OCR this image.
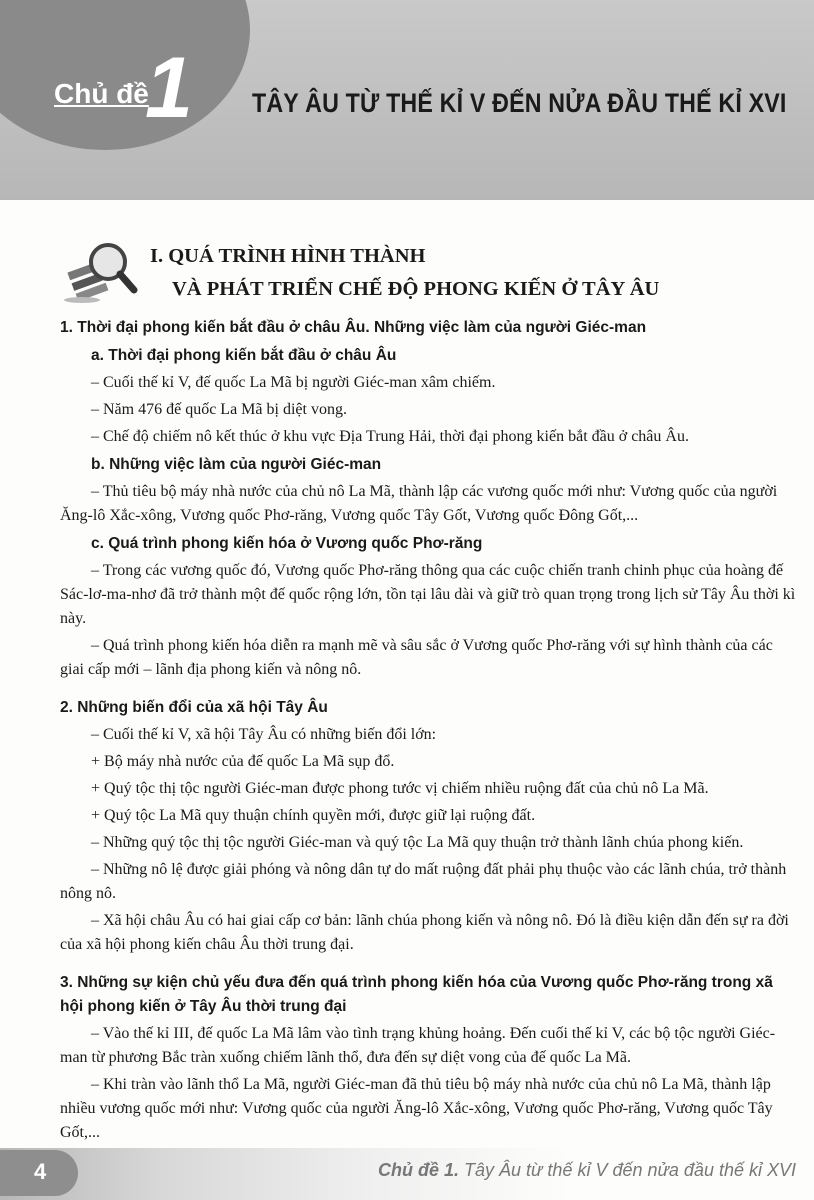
Chủ đề
1 TÂY ÂU TỪ THẾ KỈ V ĐẾN NỬA ĐẦU THẾ KỈ XVI
I. QUÁ TRÌNH HÌNH THÀNH
VÀ PHÁT TRIỂN CHẾ ĐỘ PHONG KIẾN Ở TÂY ÂU
1. Thời đại phong kiến bắt đầu ở châu Âu. Những việc làm của người Giéc-man
a. Thời đại phong kiến bắt đầu ở châu Âu
– Cuối thế kỉ V, đế quốc La Mã bị người Giéc-man xâm chiếm.
– Năm 476 đế quốc La Mã bị diệt vong.
– Chế độ chiếm nô kết thúc ở khu vực Địa Trung Hải, thời đại phong kiến bắt đầu ở châu Âu.
b. Những việc làm của người Giéc-man
– Thủ tiêu bộ máy nhà nước của chủ nô La Mã, thành lập các vương quốc mới như: Vương quốc của người Ăng-lô Xắc-xông, Vương quốc Phơ-răng, Vương quốc Tây Gốt, Vương quốc Đông Gốt,...
c. Quá trình phong kiến hóa ở Vương quốc Phơ-răng
– Trong các vương quốc đó, Vương quốc Phơ-răng thông qua các cuộc chiến tranh chinh phục của hoàng đế Sác-lơ-ma-nhơ đã trở thành một đế quốc rộng lớn, tồn tại lâu dài và giữ trò quan trọng trong lịch sử Tây Âu thời kì này.
– Quá trình phong kiến hóa diễn ra mạnh mẽ và sâu sắc ở Vương quốc Phơ-răng với sự hình thành của các giai cấp mới – lãnh địa phong kiến và nông nô.
2. Những biến đổi của xã hội Tây Âu
– Cuối thế kỉ V, xã hội Tây Âu có những biến đổi lớn:
+ Bộ máy nhà nước của đế quốc La Mã sụp đổ.
+ Quý tộc thị tộc người Giéc-man được phong tước vị chiếm nhiều ruộng đất của chủ nô La Mã.
+ Quý tộc La Mã quy thuận chính quyền mới, được giữ lại ruộng đất.
– Những quý tộc thị tộc người Giéc-man và quý tộc La Mã quy thuận trở thành lãnh chúa phong kiến.
– Những nô lệ được giải phóng và nông dân tự do mất ruộng đất phải phụ thuộc vào các lãnh chúa, trở thành nông nô.
– Xã hội châu Âu có hai giai cấp cơ bản: lãnh chúa phong kiến và nông nô. Đó là điều kiện dẫn đến sự ra đời của xã hội phong kiến châu Âu thời trung đại.
3. Những sự kiện chủ yếu đưa đến quá trình phong kiến hóa của Vương quốc Phơ-răng trong xã hội phong kiến ở Tây Âu thời trung đại
– Vào thế kỉ III, đế quốc La Mã lâm vào tình trạng khủng hoảng. Đến cuối thế kỉ V, các bộ tộc người Giéc-man từ phương Bắc tràn xuống chiếm lãnh thổ, đưa đến sự diệt vong của đế quốc La Mã.
– Khi tràn vào lãnh thổ La Mã, người Giéc-man đã thủ tiêu bộ máy nhà nước của chủ nô La Mã, thành lập nhiều vương quốc mới như: Vương quốc của người Ăng-lô Xắc-xông, Vương quốc Phơ-răng, Vương quốc Tây Gốt,...
4	Chủ đề 1. Tây Âu từ thế kỉ V đến nửa đầu thế kỉ XVI
